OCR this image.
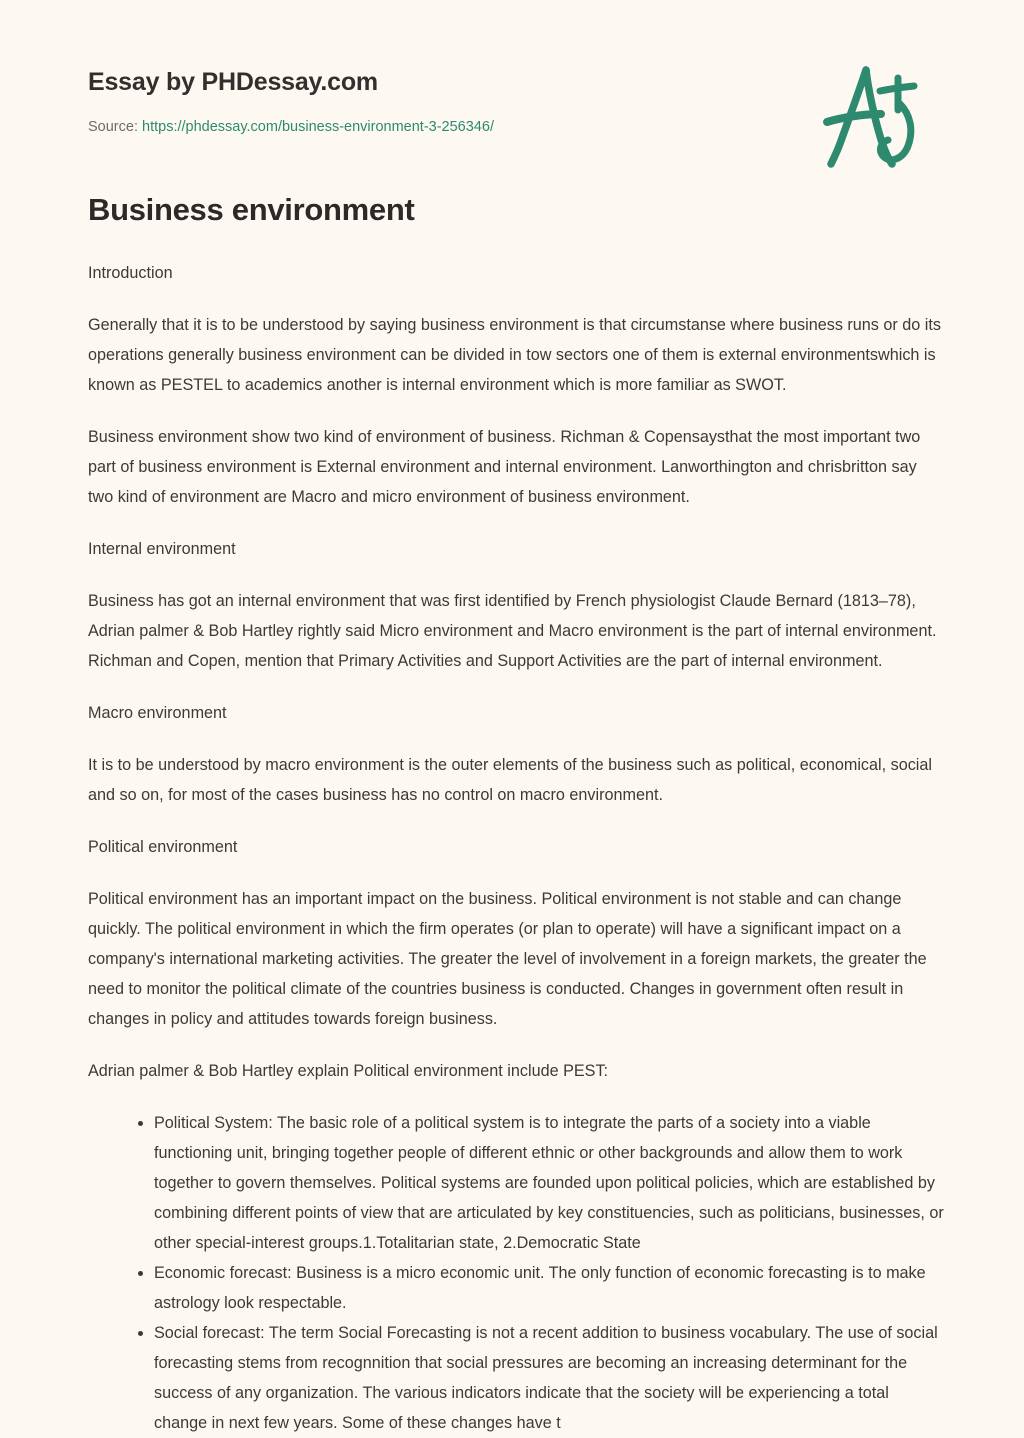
Essay by PHDessay.com
Source: https://phdessay.com/business-environment-3-256346/
Business environment

Introduction

Generally that it is to be understood by saying business environment is that circumstanse where business runs or do its operations generally business environment can be divided in tow sectors one of them is external environmentswhich is known as PESTEL to academics another is internal environment which is more familiar as SWOT.

Business environment show two kind of environment of business. Richman & Copensaysthat the most important two part of business environment is External environment and internal environment. Lanworthington and chrisbritton say two kind of environment are Macro and micro environment of business environment.

Internal environment

Business has got an internal environment that was first identified by French physiologist Claude Bernard (1813–78), Adrian palmer & Bob Hartley rightly said Micro environment and Macro environment is the part of internal environment. Richman and Copen, mention that Primary Activities and Support Activities are the part of internal environment.

Macro environment

It is to be understood by macro environment is the outer elements of the business such as political, economical, social and so on, for most of the cases business has no control on macro environment.

Political environment

Political environment has an important impact on the business. Political environment is not stable and can change quickly. The political environment in which the firm operates (or plan to operate) will have a significant impact on a company's international marketing activities. The greater the level of involvement in a foreign markets, the greater the need to monitor the political climate of the countries business is conducted. Changes in government often result in changes in policy and attitudes towards foreign business.

Adrian palmer & Bob Hartley explain Political environment include PEST:

Political System: The basic role of a political system is to integrate the parts of a society into a viable functioning unit, bringing together people of different ethnic or other backgrounds and allow them to work together to govern themselves. Political systems are founded upon political policies, which are established by combining different points of view that are articulated by key constituencies, such as politicians, businesses, or other special-interest groups.1.Totalitarian state, 2.Democratic State
Economic forecast: Business is a micro economic unit. The only function of economic forecasting is to make astrology look respectable.
Social forecast: The term Social Forecasting is not a recent addition to business vocabulary. The use of social forecasting stems from recognnition that social pressures are becoming an increasing determinant for the success of any organization. The various indicators indicate that the society will be experiencing a total change in next few years. Some of these changes have t
